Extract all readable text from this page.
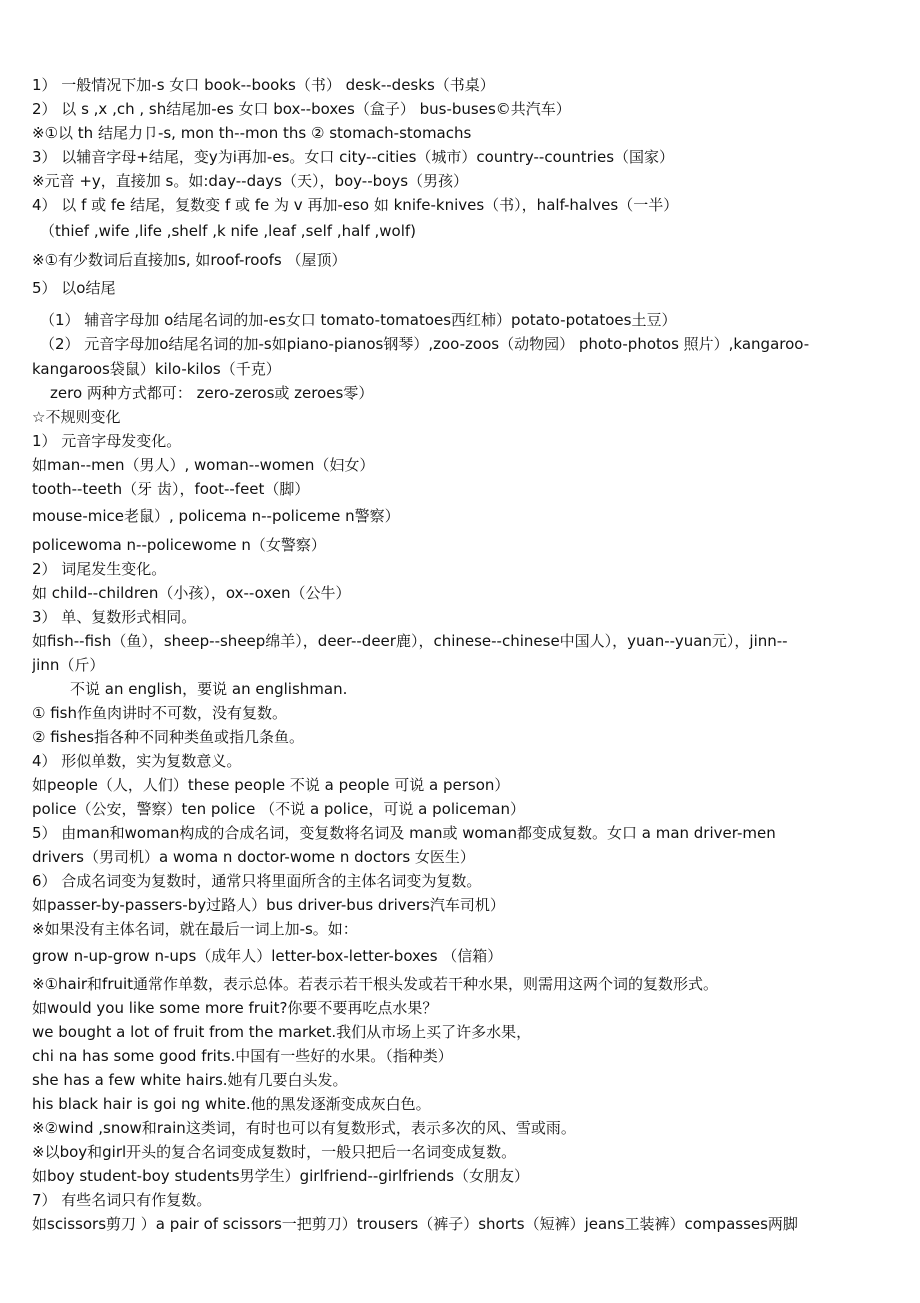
1） 一般情况下加-s 女口 book--books（书） desk--desks（书桌）
2） 以 s ,x ,ch , sh结尾加-es 女口 box--boxes（盒子） bus-buses©共汽车）
※①以 th 结尾力卩-s, mon th--mon ths ② stomach-stomachs
3） 以辅音字母+结尾，变y为i再加-es。女口 city--cities（城市）country--countries（国家）
※元音 +y，直接加 s。如:day--days（天），boy--boys（男孩）
4） 以 f 或 fe 结尾，复数变 f 或 fe 为 v 再加-eso 如 knife-knives（书），half-halves（一半）
（thief ,wife ,life ,shelf ,k nife ,leaf ,self ,half ,wolf)
※①有少数词后直接加s, 如roof-roofs （屋顶）
5） 以o结尾
（1） 辅音字母加 o结尾名词的加-es女口 tomato-tomatoes西红柿）potato-potatoes土豆）
（2） 元音字母加o结尾名词的加-s如piano-pianos钢琴）,zoo-zoos（动物园） photo-photos 照片）,kangaroo-
kangaroos袋鼠）kilo-kilos（千克）
zero 两种方式都可： zero-zeros或 zeroes零）
☆不规则变化
1） 元音字母发变化。
如man--men（男人）, woman--women（妇女）
tooth--teeth（牙 齿），foot--feet（脚）
mouse-mice老鼠）, policema n--policeme n警察）
policewoma n--policewome n（女警察）
2） 词尾发生变化。
如 child--children（小孩），ox--oxen（公牛）
3） 单、复数形式相同。
如fish--fish（鱼），sheep--sheep绵羊），deer--deer鹿），chinese--chinese中国人），yuan--yuan元），jinn--
jinn（斤）
不说 an english，要说 an englishman.
① fish作鱼肉讲时不可数，没有复数。
② fishes指各种不同种类鱼或指几条鱼。
4） 形似单数，实为复数意义。
如people（人，人们）these people 不说 a people 可说 a person）
police（公安，警察）ten police （不说 a police，可说 a policeman）
5） 由man和woman构成的合成名词，变复数将名词及 man或 woman都变成复数。女口 a man driver-men
drivers（男司机）a woma n doctor-wome n doctors 女医生）
6） 合成名词变为复数时，通常只将里面所含的主体名词变为复数。
如passer-by-passers-by过路人）bus driver-bus drivers汽车司机）
※如果没有主体名词，就在最后一词上加-s。如：
grow n-up-grow n-ups（成年人）letter-box-letter-boxes （信箱）
※①hair和fruit通常作单数，表示总体。若表示若干根头发或若干种水果，则需用这两个词的复数形式。
如would you like some more fruit?你要不要再吃点水果？
we bought a lot of fruit from the market.我们从市场上买了许多水果，
chi na has some good frits.中国有一些好的水果。（指种类）
she has a few white hairs.她有几要白头发。
his black hair is goi ng white.他的黑发逐渐变成灰白色。
※②wind ,snow和rain这类词，有时也可以有复数形式，表示多次的风、雪或雨。
※以boy和girl开头的复合名词变成复数时，一般只把后一名词变成复数。
如boy student-boy students男学生）girlfriend--girlfriends（女朋友）
7） 有些名词只有作复数。
如scissors剪刀 ）a pair of scissors一把剪刀）trousers（裤子）shorts（短裤）jeans工装裤）compasses两脚
